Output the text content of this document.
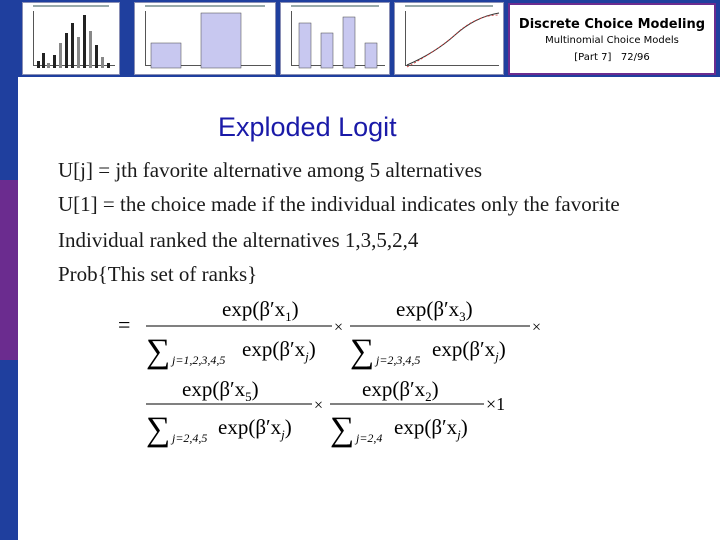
Discrete Choice Modeling
Multinomial Choice Models
[Part 7] 72/96
Exploded Logit
U[j] = jth favorite alternative among 5 alternatives
U[1] = the choice made if the individual indicates only the favorite
Individual ranked the alternatives 1,3,5,2,4
Prob{This set of ranks}
=
$\exp(\beta'x_1)$
∑ j=1,2,3,4,5 $\exp(\beta'x_j)$
×
$\exp(\beta'x_3)$
∑ j=2,3,4,5 $\exp(\beta'x_j)$
×
$\exp(\beta'x_5)$
∑ j=2,4,5 $\exp(\beta'x_j)$
×
$\exp(\beta'x_2)$
∑ j=2,4 $\exp(\beta'x_j)$
×1
